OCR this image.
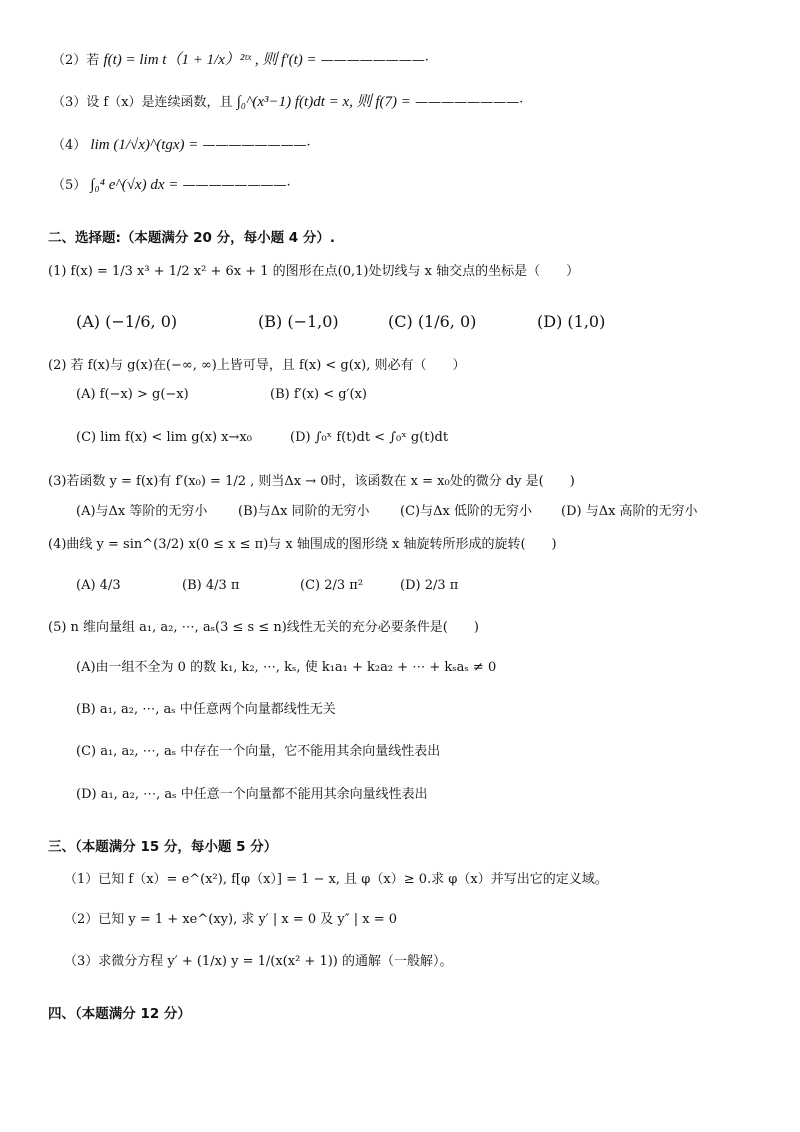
（2）若 f(t) = lim t（1 + 1/x）²ᵗˣ , 则 f′(t) = ————————·
（3）设 f（x）是连续函数，且 ∫₀^(x³−1) f(t)dt = x, 则 f(7) = ————————·
（4） lim (1/√x)^(tgx) = ————————·
（5） ∫₀⁴ e^(√x) dx = ————————·
二、选择题:（本题满分 20 分，每小题 4 分）.
(1) f(x) = 1/3 x³ + 1/2 x² + 6x + 1 的图形在点(0,1)处切线与 x 轴交点的坐标是（　　）
(A) (−1/6, 0)	(B) (−1,0)	(C) (1/6, 0)	(D) (1,0)
(2) 若 f(x)与 g(x)在(−∞, ∞)上皆可导，且 f(x) < g(x), 则必有（　　）
(A) f(−x) > g(−x)	(B) f′(x) < g′(x)
(C) lim f(x) < lim g(x) x→x₀	(D) ∫₀ˣ f(t)dt < ∫₀ˣ g(t)dt
(3)若函数 y = f(x)有 f′(x₀) = 1/2 , 则当Δx → 0时，该函数在 x = x₀处的微分 dy 是(　　)
(A)与Δx 等阶的无穷小 (B)与Δx 同阶的无穷小 (C)与Δx 低阶的无穷小 (D) 与Δx 高阶的无穷小
(4)曲线 y = sin^(3/2) x(0 ≤ x ≤ π)与 x 轴围成的图形绕 x 轴旋转所形成的旋转(　　)
(A) 4/3	(B) 4/3 π	(C) 2/3 π²	(D) 2/3 π
(5) n 维向量组 a₁, a₂, ⋯, aₛ(3 ≤ s ≤ n)线性无关的充分必要条件是(　　)
(A)由一组不全为 0 的数 k₁, k₂, ⋯, kₛ, 使 k₁a₁ + k₂a₂ + ⋯ + kₛaₛ ≠ 0
(B) a₁, a₂, ⋯, aₛ 中任意两个向量都线性无关
(C) a₁, a₂, ⋯, aₛ 中存在一个向量，它不能用其余向量线性表出
(D) a₁, a₂, ⋯, aₛ 中任意一个向量都不能用其余向量线性表出
三、（本题满分 15 分，每小题 5 分）
（1）已知 f（x）= e^(x²), f[φ（x）] = 1 − x, 且 φ（x）≥ 0.求 φ（x）并写出它的定义域。
（2）已知 y = 1 + xe^(xy), 求 y′ | x = 0 及 y″ | x = 0
（3）求微分方程 y′ + (1/x) y = 1/(x(x² + 1)) 的通解（一般解）。
四、（本题满分 12 分）
